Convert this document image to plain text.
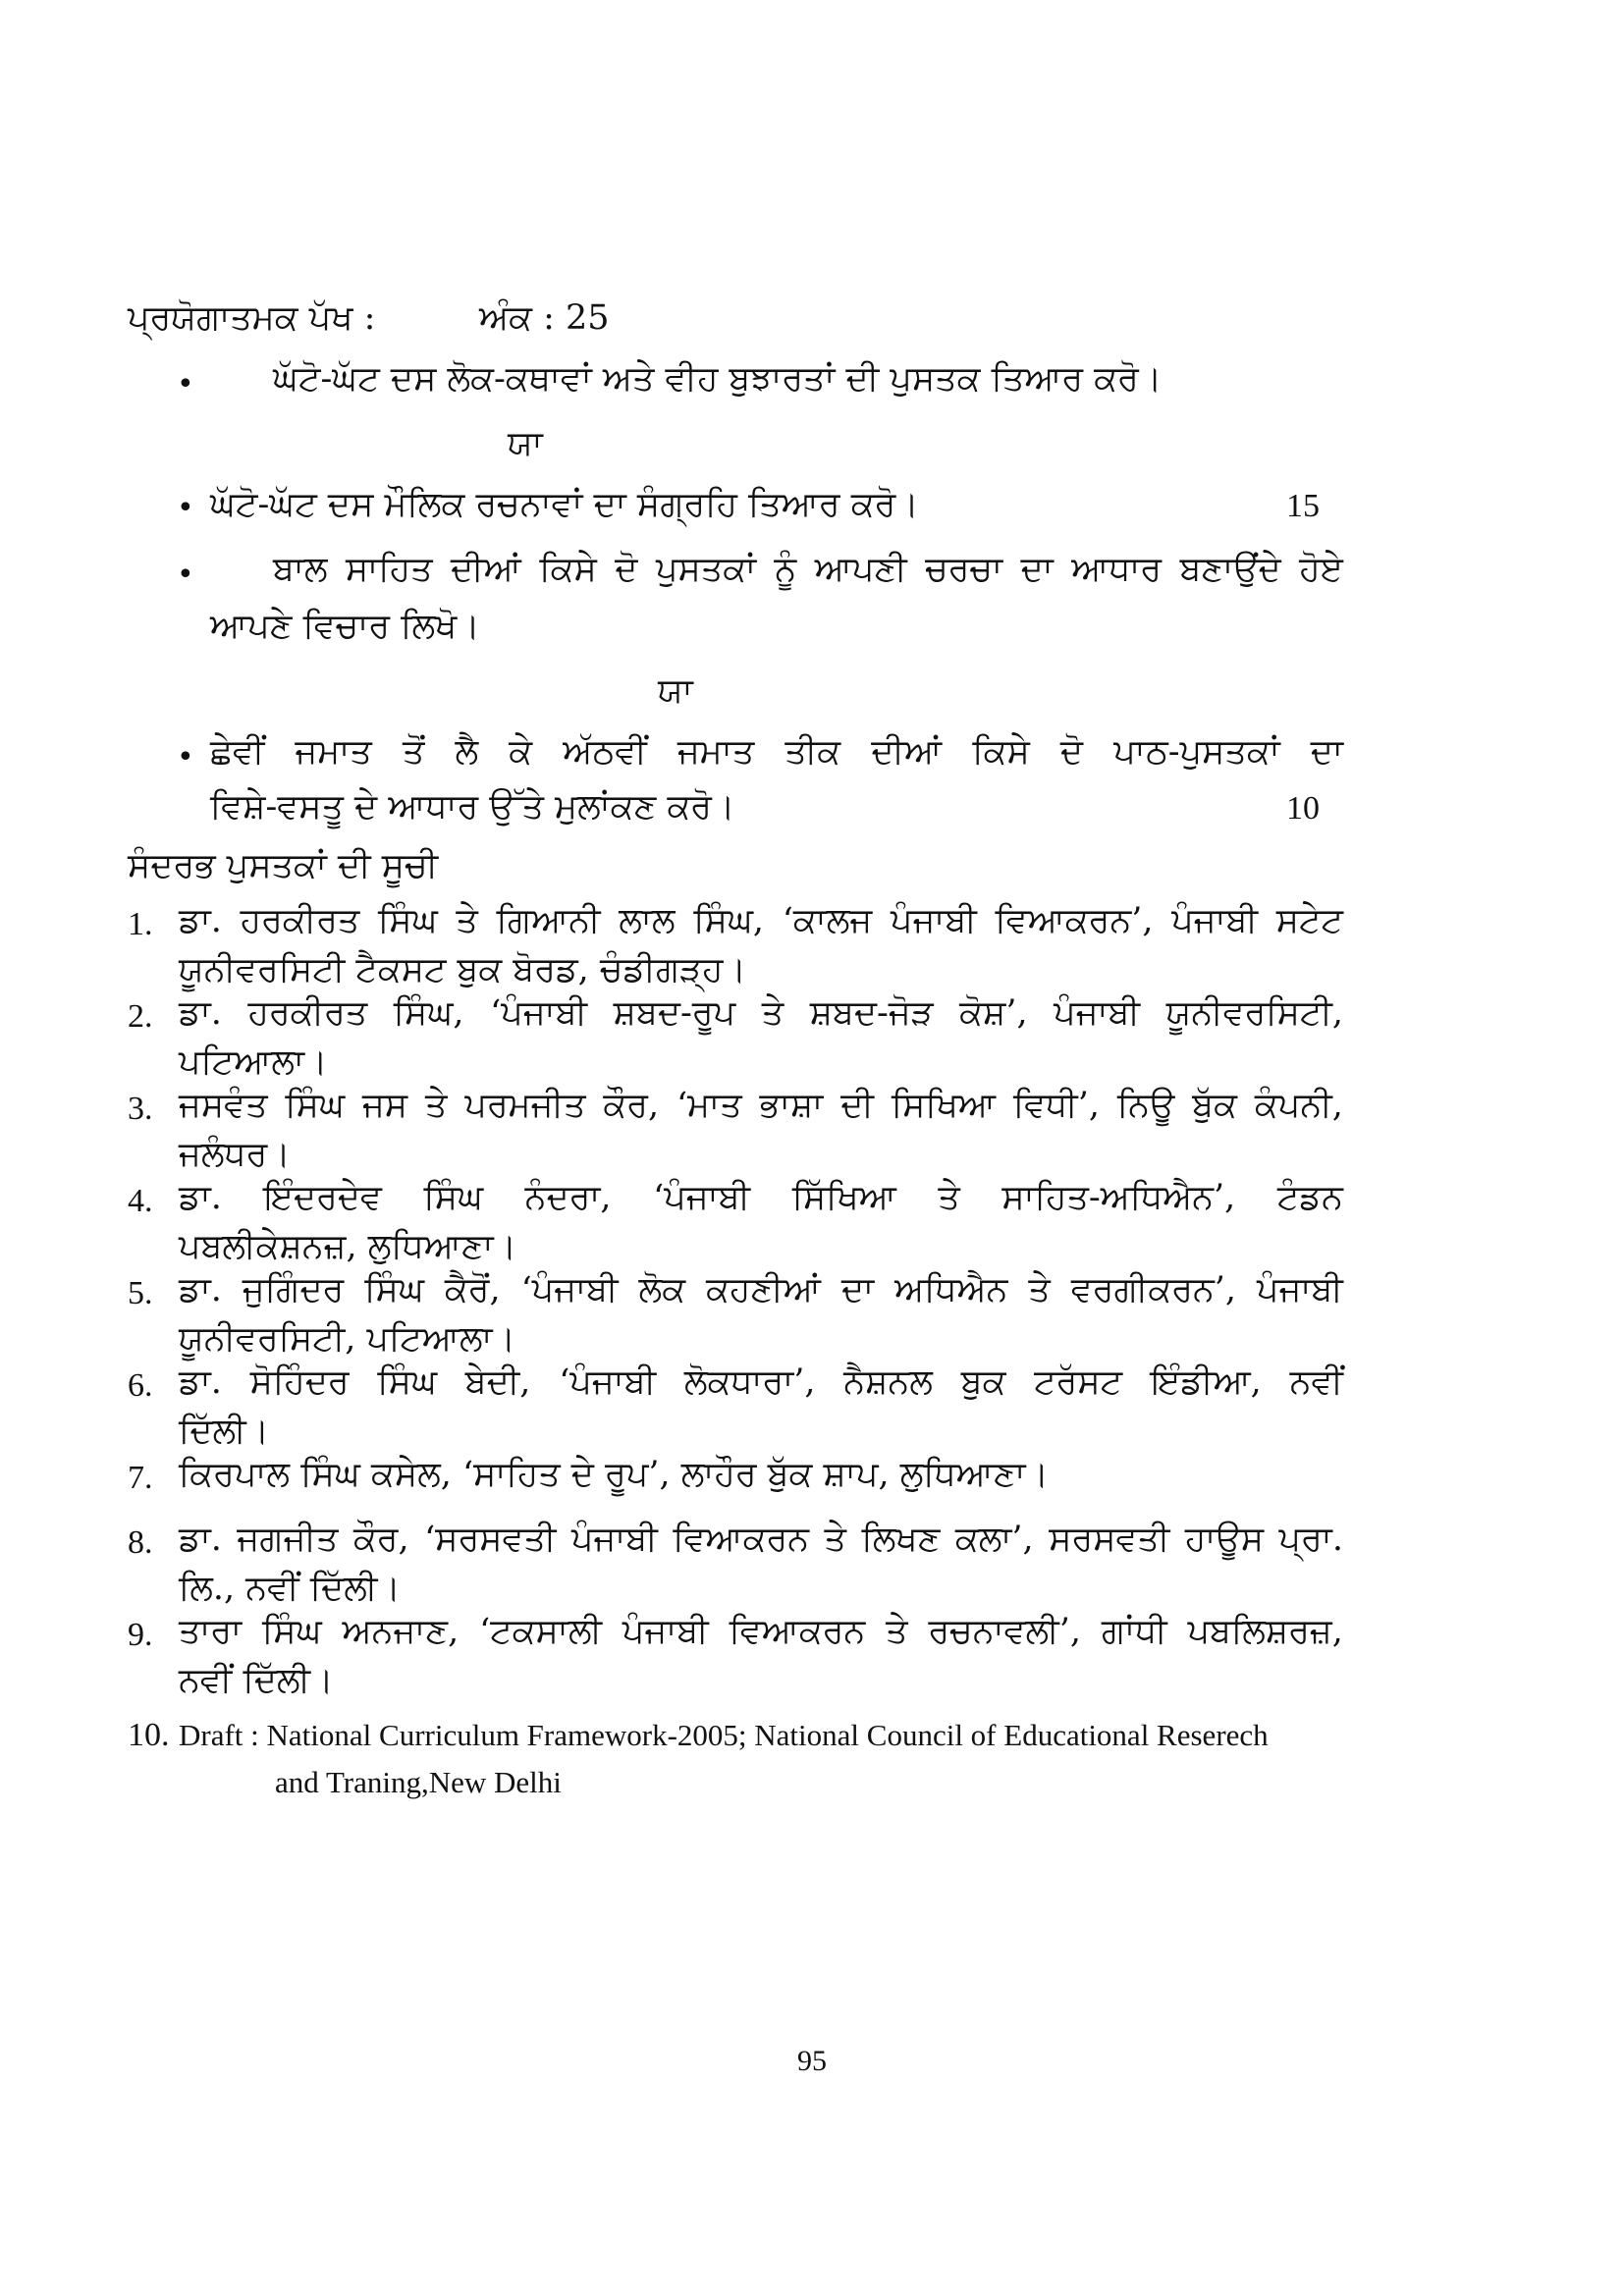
ਪ੍ਰਯੋਗਾਤਮਕ ਪੱਖ :	ਅੰਕ : 25
• ਘੱਟੋ-ਘੱਟ ਦਸ ਲੋਕ-ਕਥਾਵਾਂ ਅਤੇ ਵੀਹ ਬੁਝਾਰਤਾਂ ਦੀ ਪੁਸਤਕ ਤਿਆਰ ਕਰੋ।
ਯਾ
• ਘੱਟੋ-ਘੱਟ ਦਸ ਮੌਲਿਕ ਰਚਨਾਵਾਂ ਦਾ ਸੰਗ੍ਰਹਿ ਤਿਆਰ ਕਰੋ।	15
• ਬਾਲ ਸਾਹਿਤ ਦੀਆਂ ਕਿਸੇ ਦੋ ਪੁਸਤਕਾਂ ਨੂੰ ਆਪਣੀ ਚਰਚਾ ਦਾ ਆਧਾਰ ਬਣਾਉਂਦੇ ਹੋਏ
ਆਪਣੇ ਵਿਚਾਰ ਲਿਖੋ।
ਯਾ
• ਛੇਵੀਂ ਜਮਾਤ ਤੋਂ ਲੈ ਕੇ ਅੱਠਵੀਂ ਜਮਾਤ ਤੀਕ ਦੀਆਂ ਕਿਸੇ ਦੋ ਪਾਠ-ਪੁਸਤਕਾਂ ਦਾ
ਵਿਸ਼ੇ-ਵਸਤੂ ਦੇ ਆਧਾਰ ਉੱਤੇ ਮੁਲਾਂਕਣ ਕਰੋ।	10
ਸੰਦਰਭ ਪੁਸਤਕਾਂ ਦੀ ਸੂਚੀ
1. ਡਾ. ਹਰਕੀਰਤ ਸਿੰਘ ਤੇ ਗਿਆਨੀ ਲਾਲ ਸਿੰਘ, ‘ਕਾਲਜ ਪੰਜਾਬੀ ਵਿਆਕਰਨ’, ਪੰਜਾਬੀ ਸਟੇਟ
ਯੂਨੀਵਰਸਿਟੀ ਟੈਕਸਟ ਬੁਕ ਬੋਰਡ, ਚੰਡੀਗੜ੍ਹ।
2. ਡਾ. ਹਰਕੀਰਤ ਸਿੰਘ, ‘ਪੰਜਾਬੀ ਸ਼ਬਦ-ਰੂਪ ਤੇ ਸ਼ਬਦ-ਜੋੜ ਕੋਸ਼’, ਪੰਜਾਬੀ ਯੂਨੀਵਰਸਿਟੀ,
ਪਟਿਆਲਾ।
3. ਜਸਵੰਤ ਸਿੰਘ ਜਸ ਤੇ ਪਰਮਜੀਤ ਕੌਰ, ‘ਮਾਤ ਭਾਸ਼ਾ ਦੀ ਸਿਖਿਆ ਵਿਧੀ’, ਨਿਊ ਬੁੱਕ ਕੰਪਨੀ,
ਜਲੰਧਰ।
4. ਡਾ. ਇੰਦਰਦੇਵ ਸਿੰਘ ਨੰਦਰਾ, ‘ਪੰਜਾਬੀ ਸਿੱਖਿਆ ਤੇ ਸਾਹਿਤ-ਅਧਿਐਨ’, ਟੰਡਨ
ਪਬਲੀਕੇਸ਼ਨਜ਼, ਲੁਧਿਆਣਾ।
5. ਡਾ. ਜੁਗਿੰਦਰ ਸਿੰਘ ਕੈਰੋਂ, ‘ਪੰਜਾਬੀ ਲੋਕ ਕਹਣੀਆਂ ਦਾ ਅਧਿਐਨ ਤੇ ਵਰਗੀਕਰਨ’, ਪੰਜਾਬੀ
ਯੂਨੀਵਰਸਿਟੀ, ਪਟਿਆਲਾ।
6. ਡਾ. ਸੋਹਿੰਦਰ ਸਿੰਘ ਬੇਦੀ, ‘ਪੰਜਾਬੀ ਲੋਕਧਾਰਾ’, ਨੈਸ਼ਨਲ ਬੁਕ ਟਰੱਸਟ ਇੰਡੀਆ, ਨਵੀਂ
ਦਿੱਲੀ।
7. ਕਿਰਪਾਲ ਸਿੰਘ ਕਸੇਲ, ‘ਸਾਹਿਤ ਦੇ ਰੂਪ’, ਲਾਹੌਰ ਬੁੱਕ ਸ਼ਾਪ, ਲੁਧਿਆਣਾ।
8. ਡਾ. ਜਗਜੀਤ ਕੌਰ, ‘ਸਰਸਵਤੀ ਪੰਜਾਬੀ ਵਿਆਕਰਨ ਤੇ ਲਿਖਣ ਕਲਾ’, ਸਰਸਵਤੀ ਹਾਊਸ ਪ੍ਰਾ.
ਲਿ., ਨਵੀਂ ਦਿੱਲੀ।
9. ਤਾਰਾ ਸਿੰਘ ਅਨਜਾਣ, ‘ਟਕਸਾਲੀ ਪੰਜਾਬੀ ਵਿਆਕਰਨ ਤੇ ਰਚਨਾਵਲੀ’, ਗਾਂਧੀ ਪਬਲਿਸ਼ਰਜ਼,
ਨਵੀਂ ਦਿੱਲੀ।
10. Draft : National Curriculum Framework-2005; National Council of Educational Reserech
and Traning,New Delhi
95
